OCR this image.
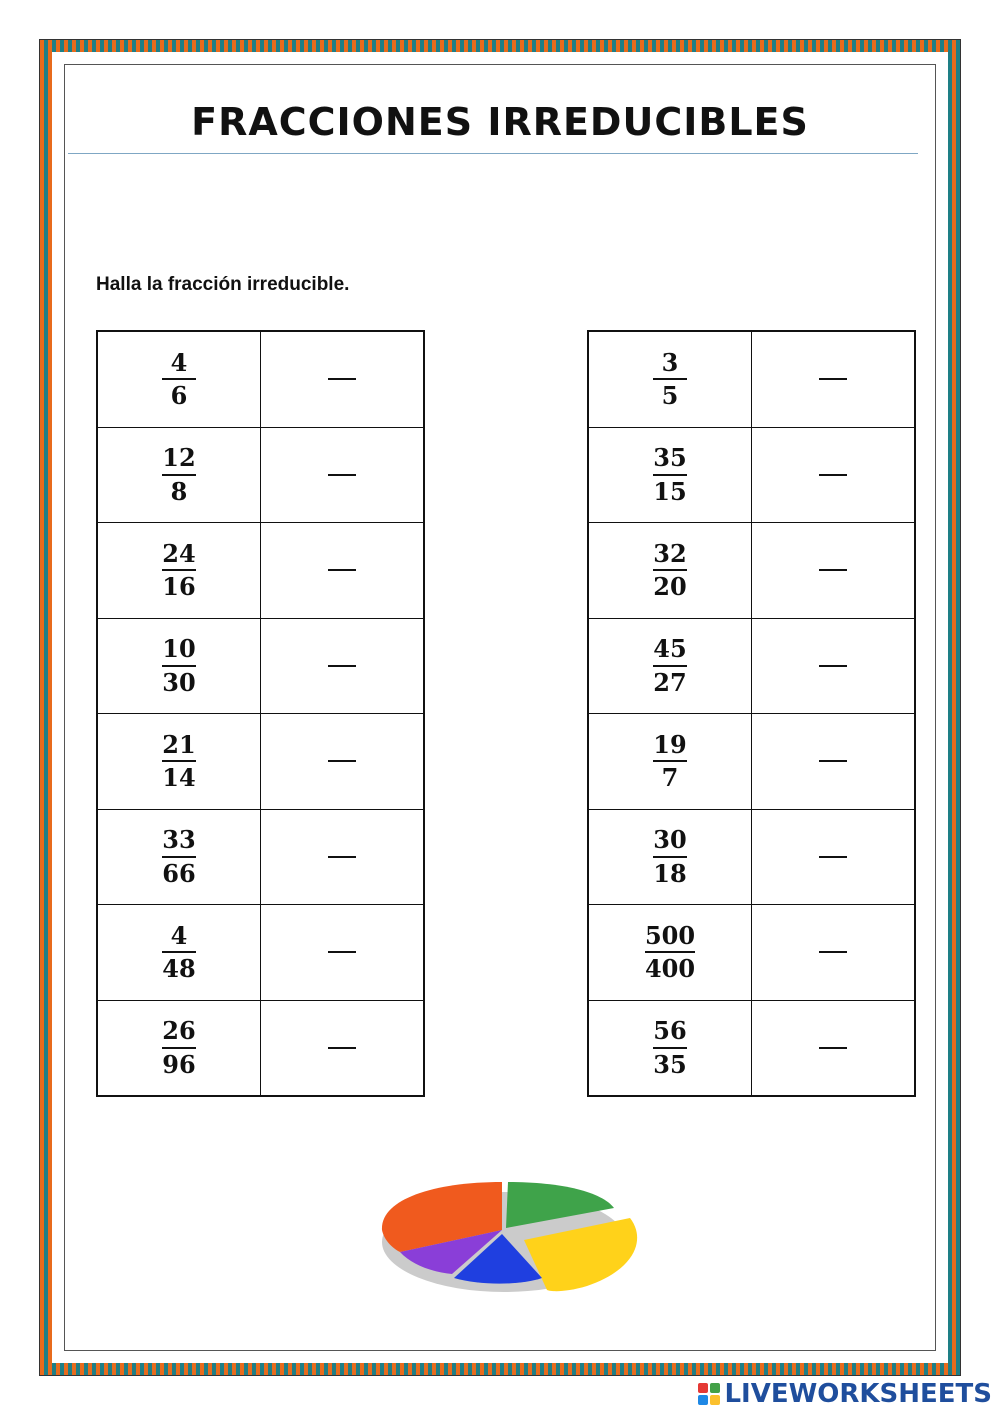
FRACCIONES IRREDUCIBLES
Halla la fracción irreducible.
$\frac{4}{6}$

$\frac{12}{8}$

$\frac{24}{16}$

$\frac{10}{30}$

$\frac{21}{14}$

$\frac{33}{66}$

$\frac{4}{48}$

$\frac{26}{96}$

$\frac{3}{5}$

$\frac{35}{15}$

$\frac{32}{20}$

$\frac{45}{27}$

$\frac{19}{7}$

$\frac{30}{18}$

$\frac{500}{400}$

$\frac{56}{35}$

LIVEWORKSHEETS
